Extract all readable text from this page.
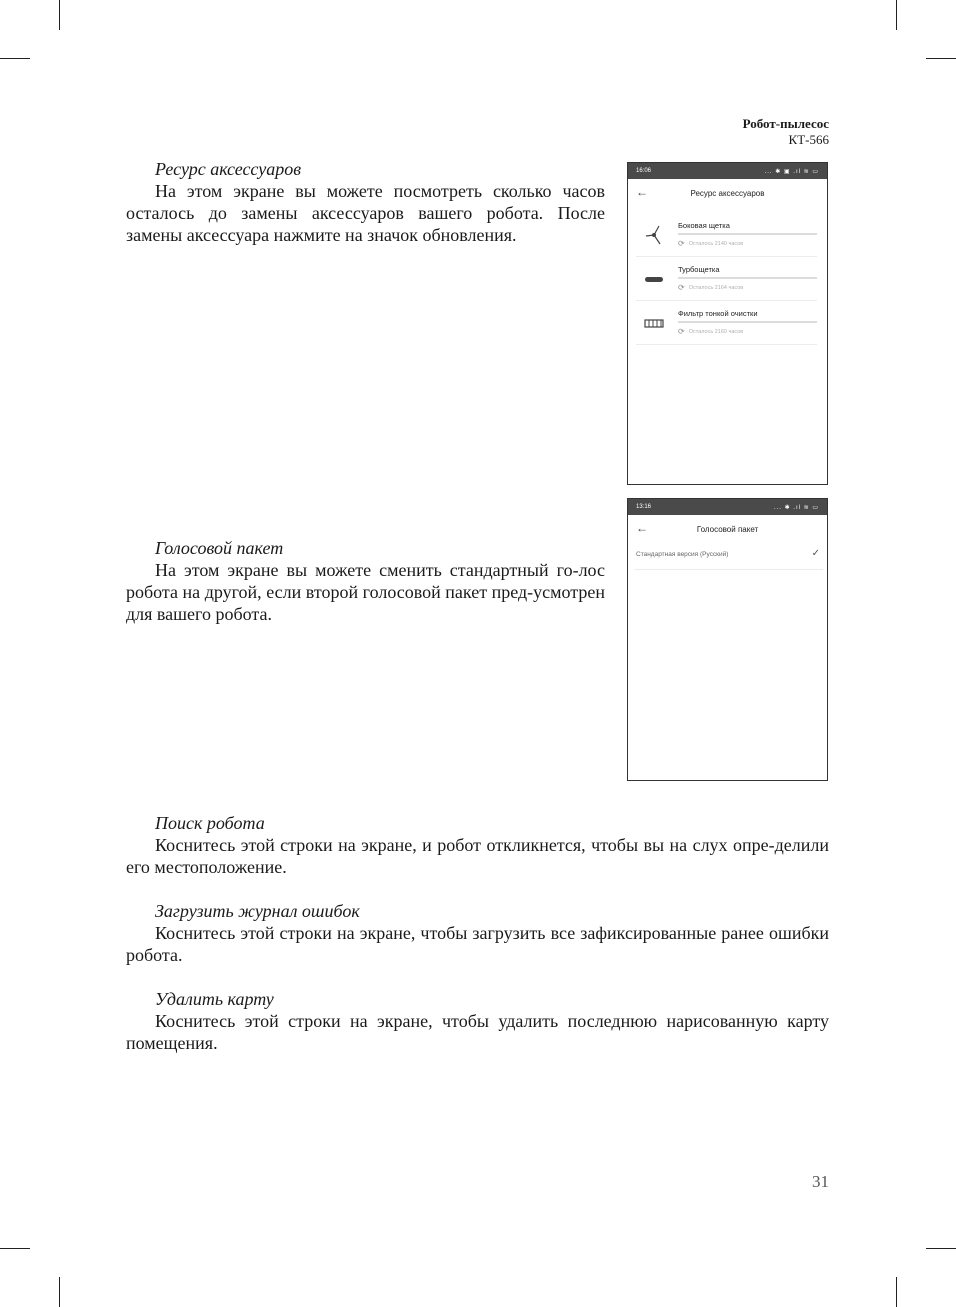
Робот-пылесос
КТ-566
Ресурс аксессуаров

На этом экране вы можете посмотреть сколько часов осталось до замены аксессуаров вашего робота. После замены аксессуара нажмите на значок обновления.

Голосовой пакет

На этом экране вы можете сменить стандартный го-лос робота на другой, если второй голосовой пакет пред-усмотрен для вашего робота.

Поиск робота

Коснитесь этой строки на экране, и робот откликнется, чтобы вы на слух опре-делили его местоположение.

Загрузить журнал ошибок

Коснитесь этой строки на экране, чтобы загрузить все зафиксированные ранее ошибки робота.

Удалить карту

Коснитесь этой строки на экране, чтобы удалить последнюю нарисованную карту помещения.

16:06	... ✱ ▣ .ıl ≋ ▭
←	Ресурс аксессуаров
Боковая щетка
⟳ Осталось 2140 часов
Турбощетка
⟳ Осталось 2164 часов
Фильтр тонкой очистки
⟳ Осталось 2160 часов
13:16	... ✱ .ıl ≋ ▭
←	Голосовой пакет
Стандартная версия (Русский)	✓
31
